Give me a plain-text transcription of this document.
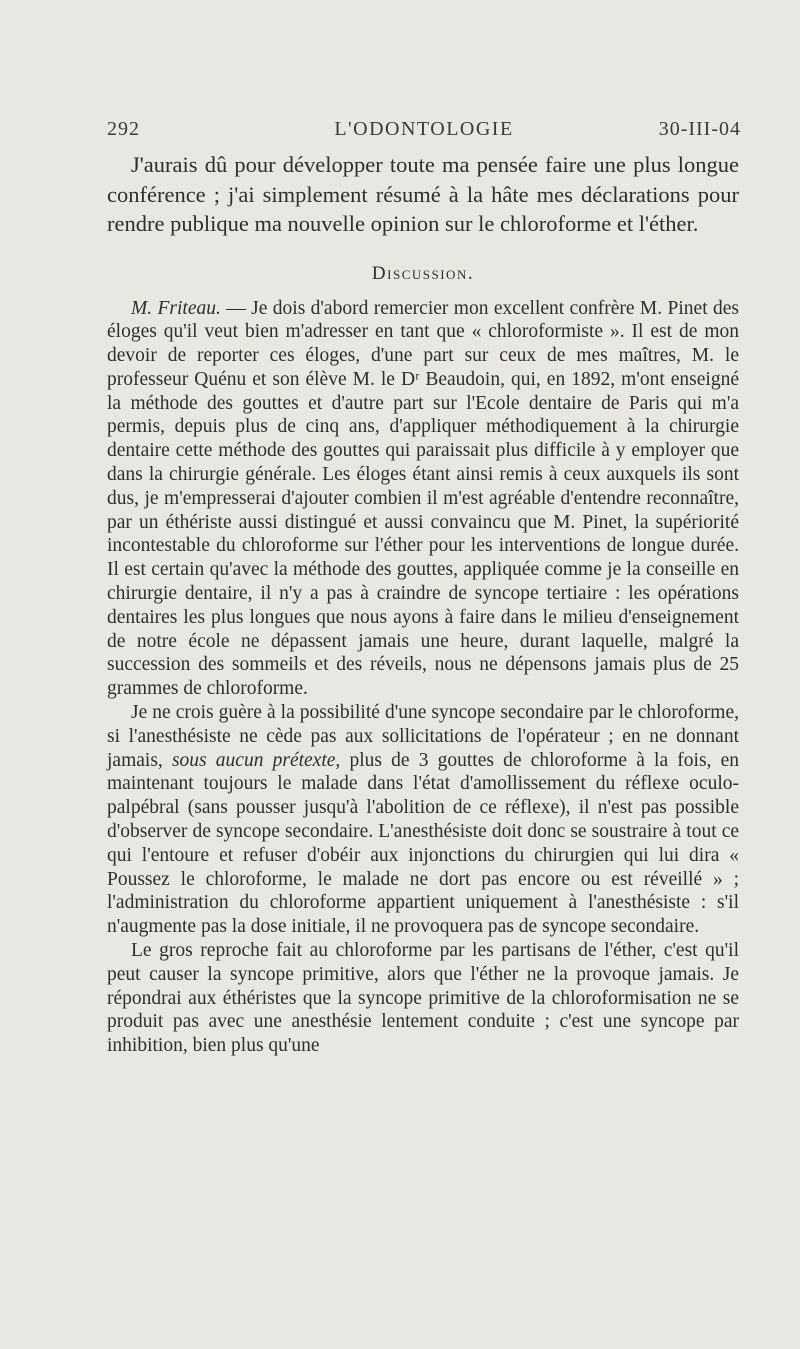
292	L'ODONTOLOGIE	30-III-04

J'aurais dû pour développer toute ma pensée faire une plus longue conférence ; j'ai simplement résumé à la hâte mes déclarations pour rendre publique ma nouvelle opinion sur le chloroforme et l'éther.

Discussion.

M. Friteau. — Je dois d'abord remercier mon excellent confrère M. Pinet des éloges qu'il veut bien m'adresser en tant que « chloroformiste ». Il est de mon devoir de reporter ces éloges, d'une part sur ceux de mes maîtres, M. le professeur Quénu et son élève M. le Dʳ Beaudoin, qui, en 1892, m'ont enseigné la méthode des gouttes et d'autre part sur l'Ecole dentaire de Paris qui m'a permis, depuis plus de cinq ans, d'appliquer méthodiquement à la chirurgie dentaire cette méthode des gouttes qui paraissait plus difficile à y employer que dans la chirurgie générale. Les éloges étant ainsi remis à ceux auxquels ils sont dus, je m'empresserai d'ajouter combien il m'est agréable d'entendre reconnaître, par un éthériste aussi distingué et aussi convaincu que M. Pinet, la supériorité incontestable du chloroforme sur l'éther pour les interventions de longue durée. Il est certain qu'avec la méthode des gouttes, appliquée comme je la conseille en chirurgie dentaire, il n'y a pas à craindre de syncope tertiaire : les opérations dentaires les plus longues que nous ayons à faire dans le milieu d'enseignement de notre école ne dépassent jamais une heure, durant laquelle, malgré la succession des sommeils et des réveils, nous ne dépensons jamais plus de 25 grammes de chloroforme.

Je ne crois guère à la possibilité d'une syncope secondaire par le chloroforme, si l'anesthésiste ne cède pas aux sollicitations de l'opérateur ; en ne donnant jamais, sous aucun prétexte, plus de 3 gouttes de chloroforme à la fois, en maintenant toujours le malade dans l'état d'amollissement du réflexe oculo-palpébral (sans pousser jusqu'à l'abolition de ce réflexe), il n'est pas possible d'observer de syncope secondaire. L'anesthésiste doit donc se soustraire à tout ce qui l'entoure et refuser d'obéir aux injonctions du chirurgien qui lui dira « Poussez le chloroforme, le malade ne dort pas encore ou est réveillé » ; l'administration du chloroforme appartient uniquement à l'anesthésiste : s'il n'augmente pas la dose initiale, il ne provoquera pas de syncope secondaire.

Le gros reproche fait au chloroforme par les partisans de l'éther, c'est qu'il peut causer la syncope primitive, alors que l'éther ne la provoque jamais. Je répondrai aux éthéristes que la syncope primitive de la chloroformisation ne se produit pas avec une anesthésie lentement conduite ; c'est une syncope par inhibition, bien plus qu'une
